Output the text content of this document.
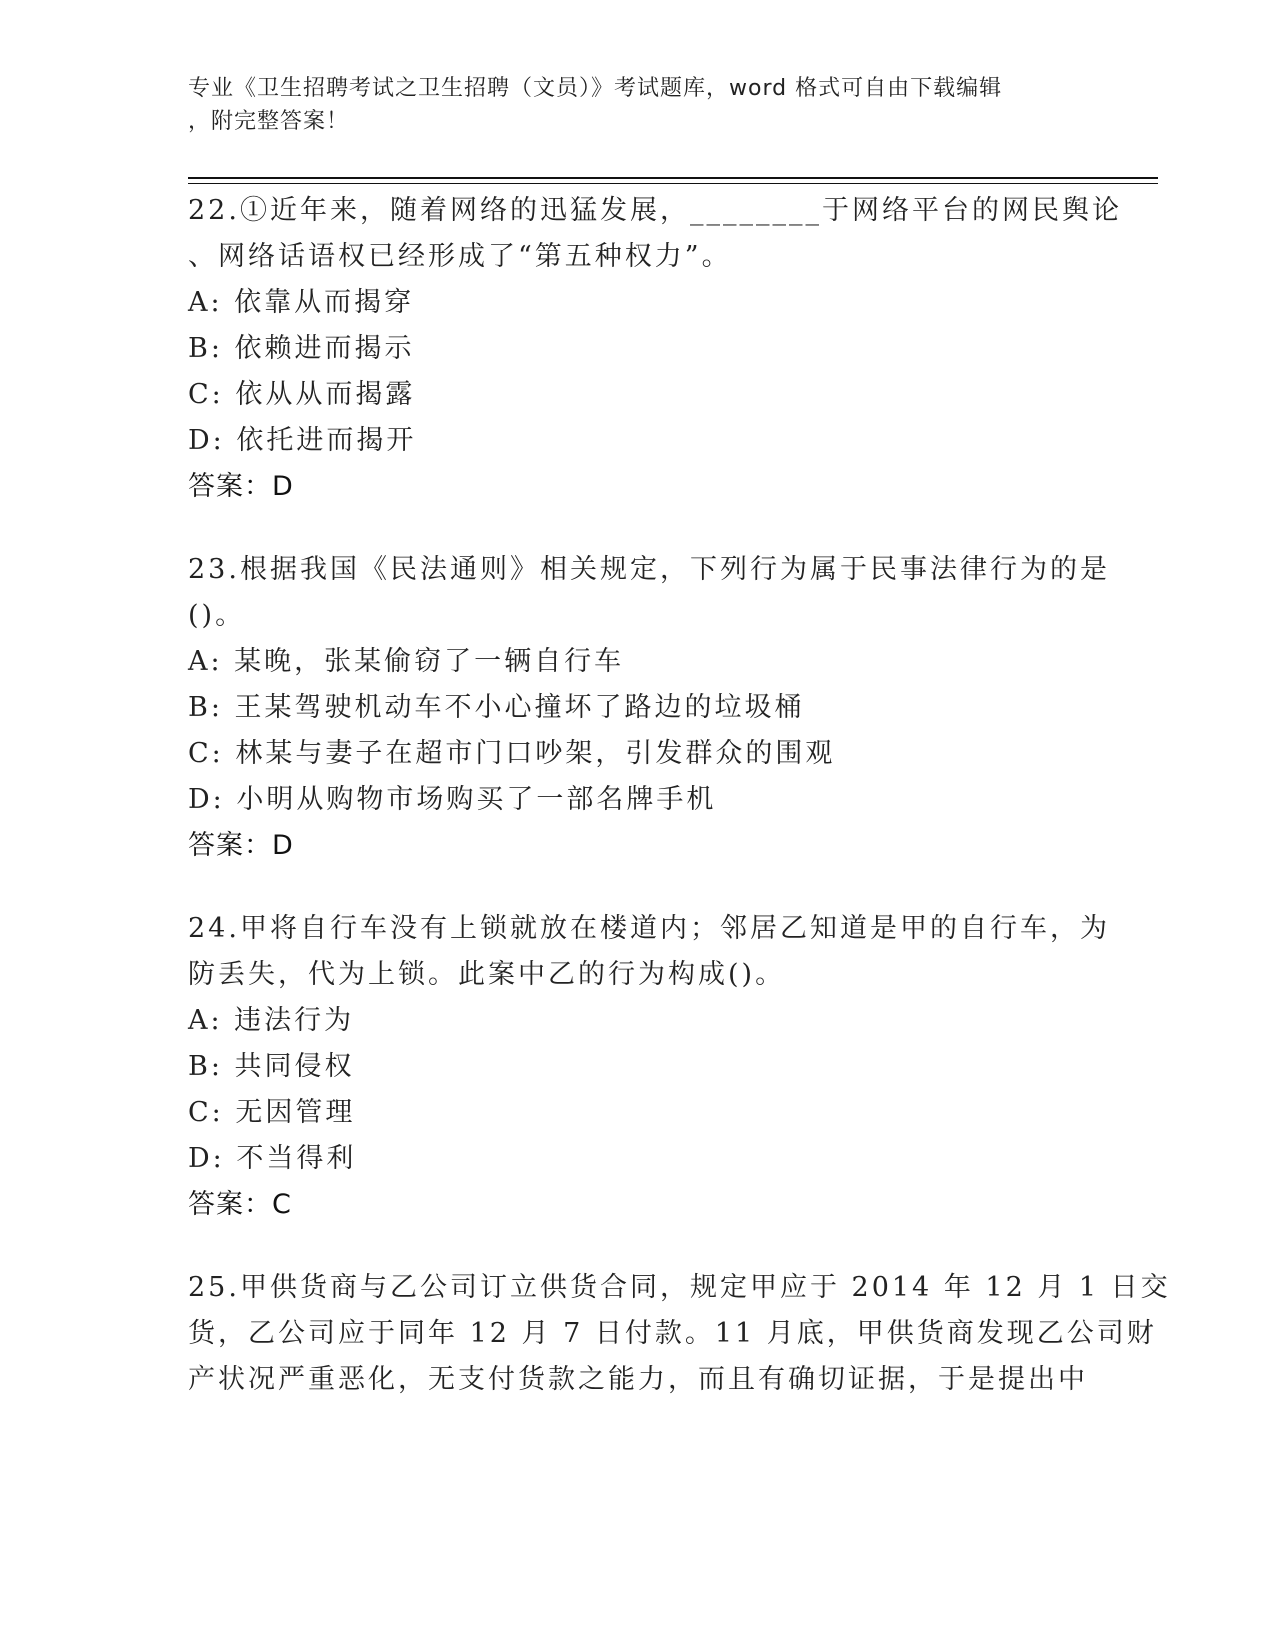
专业《卫生招聘考试之卫生招聘（文员）》考试题库，word 格式可自由下载编辑
，附完整答案！
22.①近年来，随着网络的迅猛发展，________于网络平台的网民舆论
、网络话语权已经形成了“第五种权力”。
A: 依靠从而揭穿
B: 依赖进而揭示
C: 依从从而揭露
D: 依托进而揭开
答案：D
23.根据我国《民法通则》相关规定，下列行为属于民事法律行为的是
()。
A: 某晚，张某偷窃了一辆自行车
B: 王某驾驶机动车不小心撞坏了路边的垃圾桶
C: 林某与妻子在超市门口吵架，引发群众的围观
D: 小明从购物市场购买了一部名牌手机
答案：D
24.甲将自行车没有上锁就放在楼道内；邻居乙知道是甲的自行车，为
防丢失，代为上锁。此案中乙的行为构成()。
A: 违法行为
B: 共同侵权
C: 无因管理
D: 不当得利
答案：C
25.甲供货商与乙公司订立供货合同，规定甲应于 2014 年 12 月 1 日交
货，乙公司应于同年 12 月 7 日付款。11 月底，甲供货商发现乙公司财
产状况严重恶化，无支付货款之能力，而且有确切证据，于是提出中
